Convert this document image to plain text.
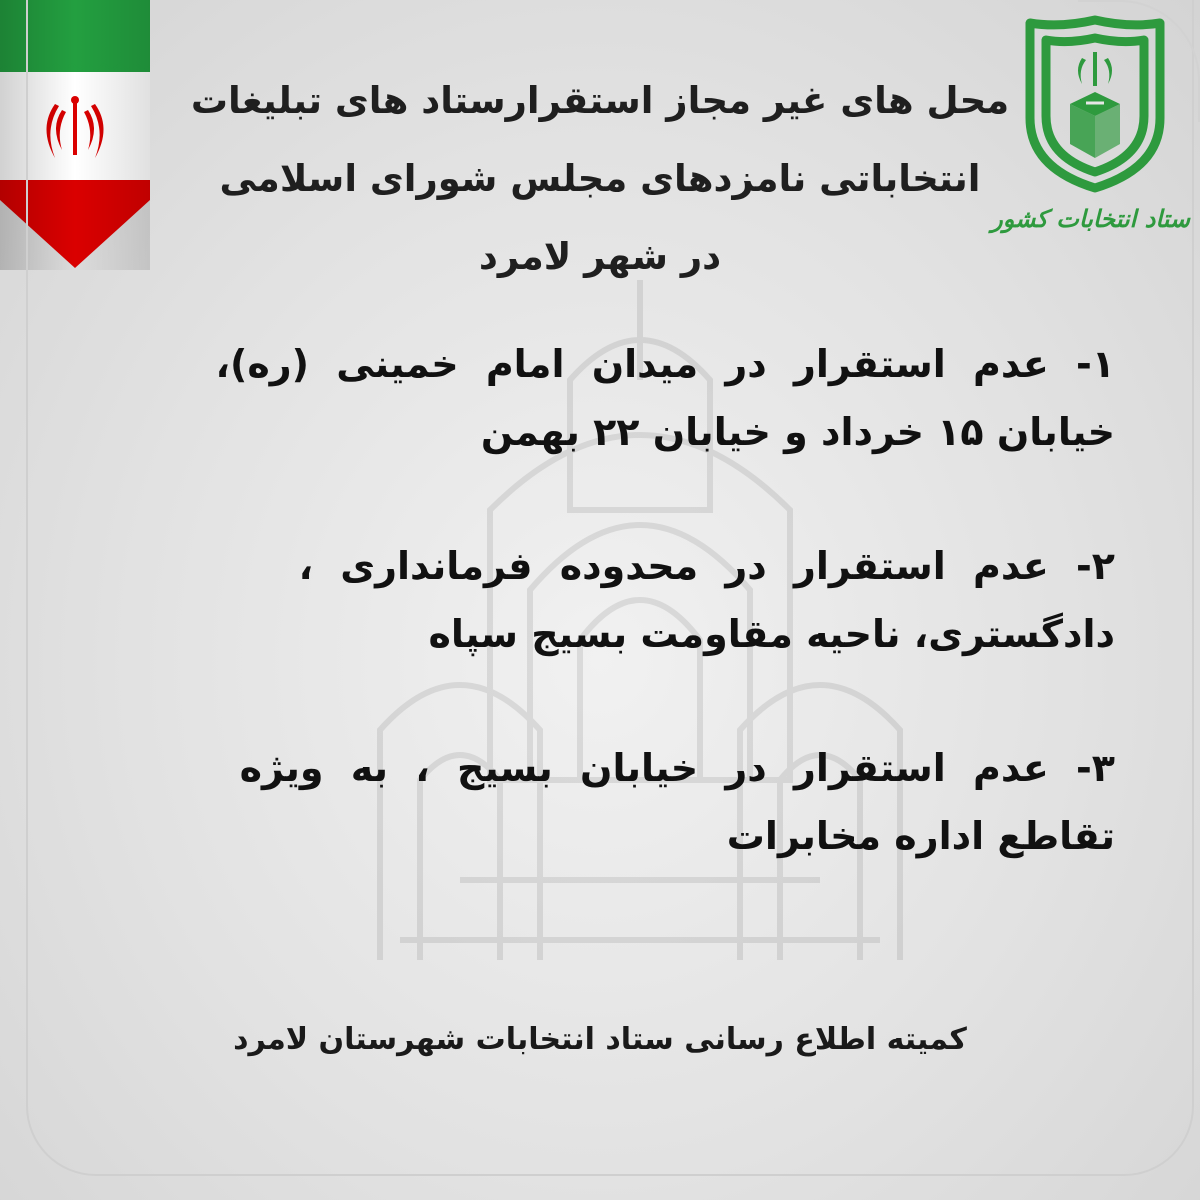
ستاد انتخابات کشور
محل های غیر مجاز استقرارستاد های تبلیغات
انتخاباتی نامزدهای مجلس شورای اسلامی
در شهر لامرد
۱- عدم استقرار در میدان امام خمینی (ره)،
خیابان ۱۵ خرداد و خیابان ۲۲ بهمن
۲- عدم استقرار در محدوده فرمانداری ،
دادگستری، ناحیه مقاومت بسیج سپاه
۳- عدم استقرار در خیابان بسیج ، به ویژه
تقاطع اداره مخابرات
کمیته اطلاع رسانی ستاد انتخابات شهرستان لامرد
